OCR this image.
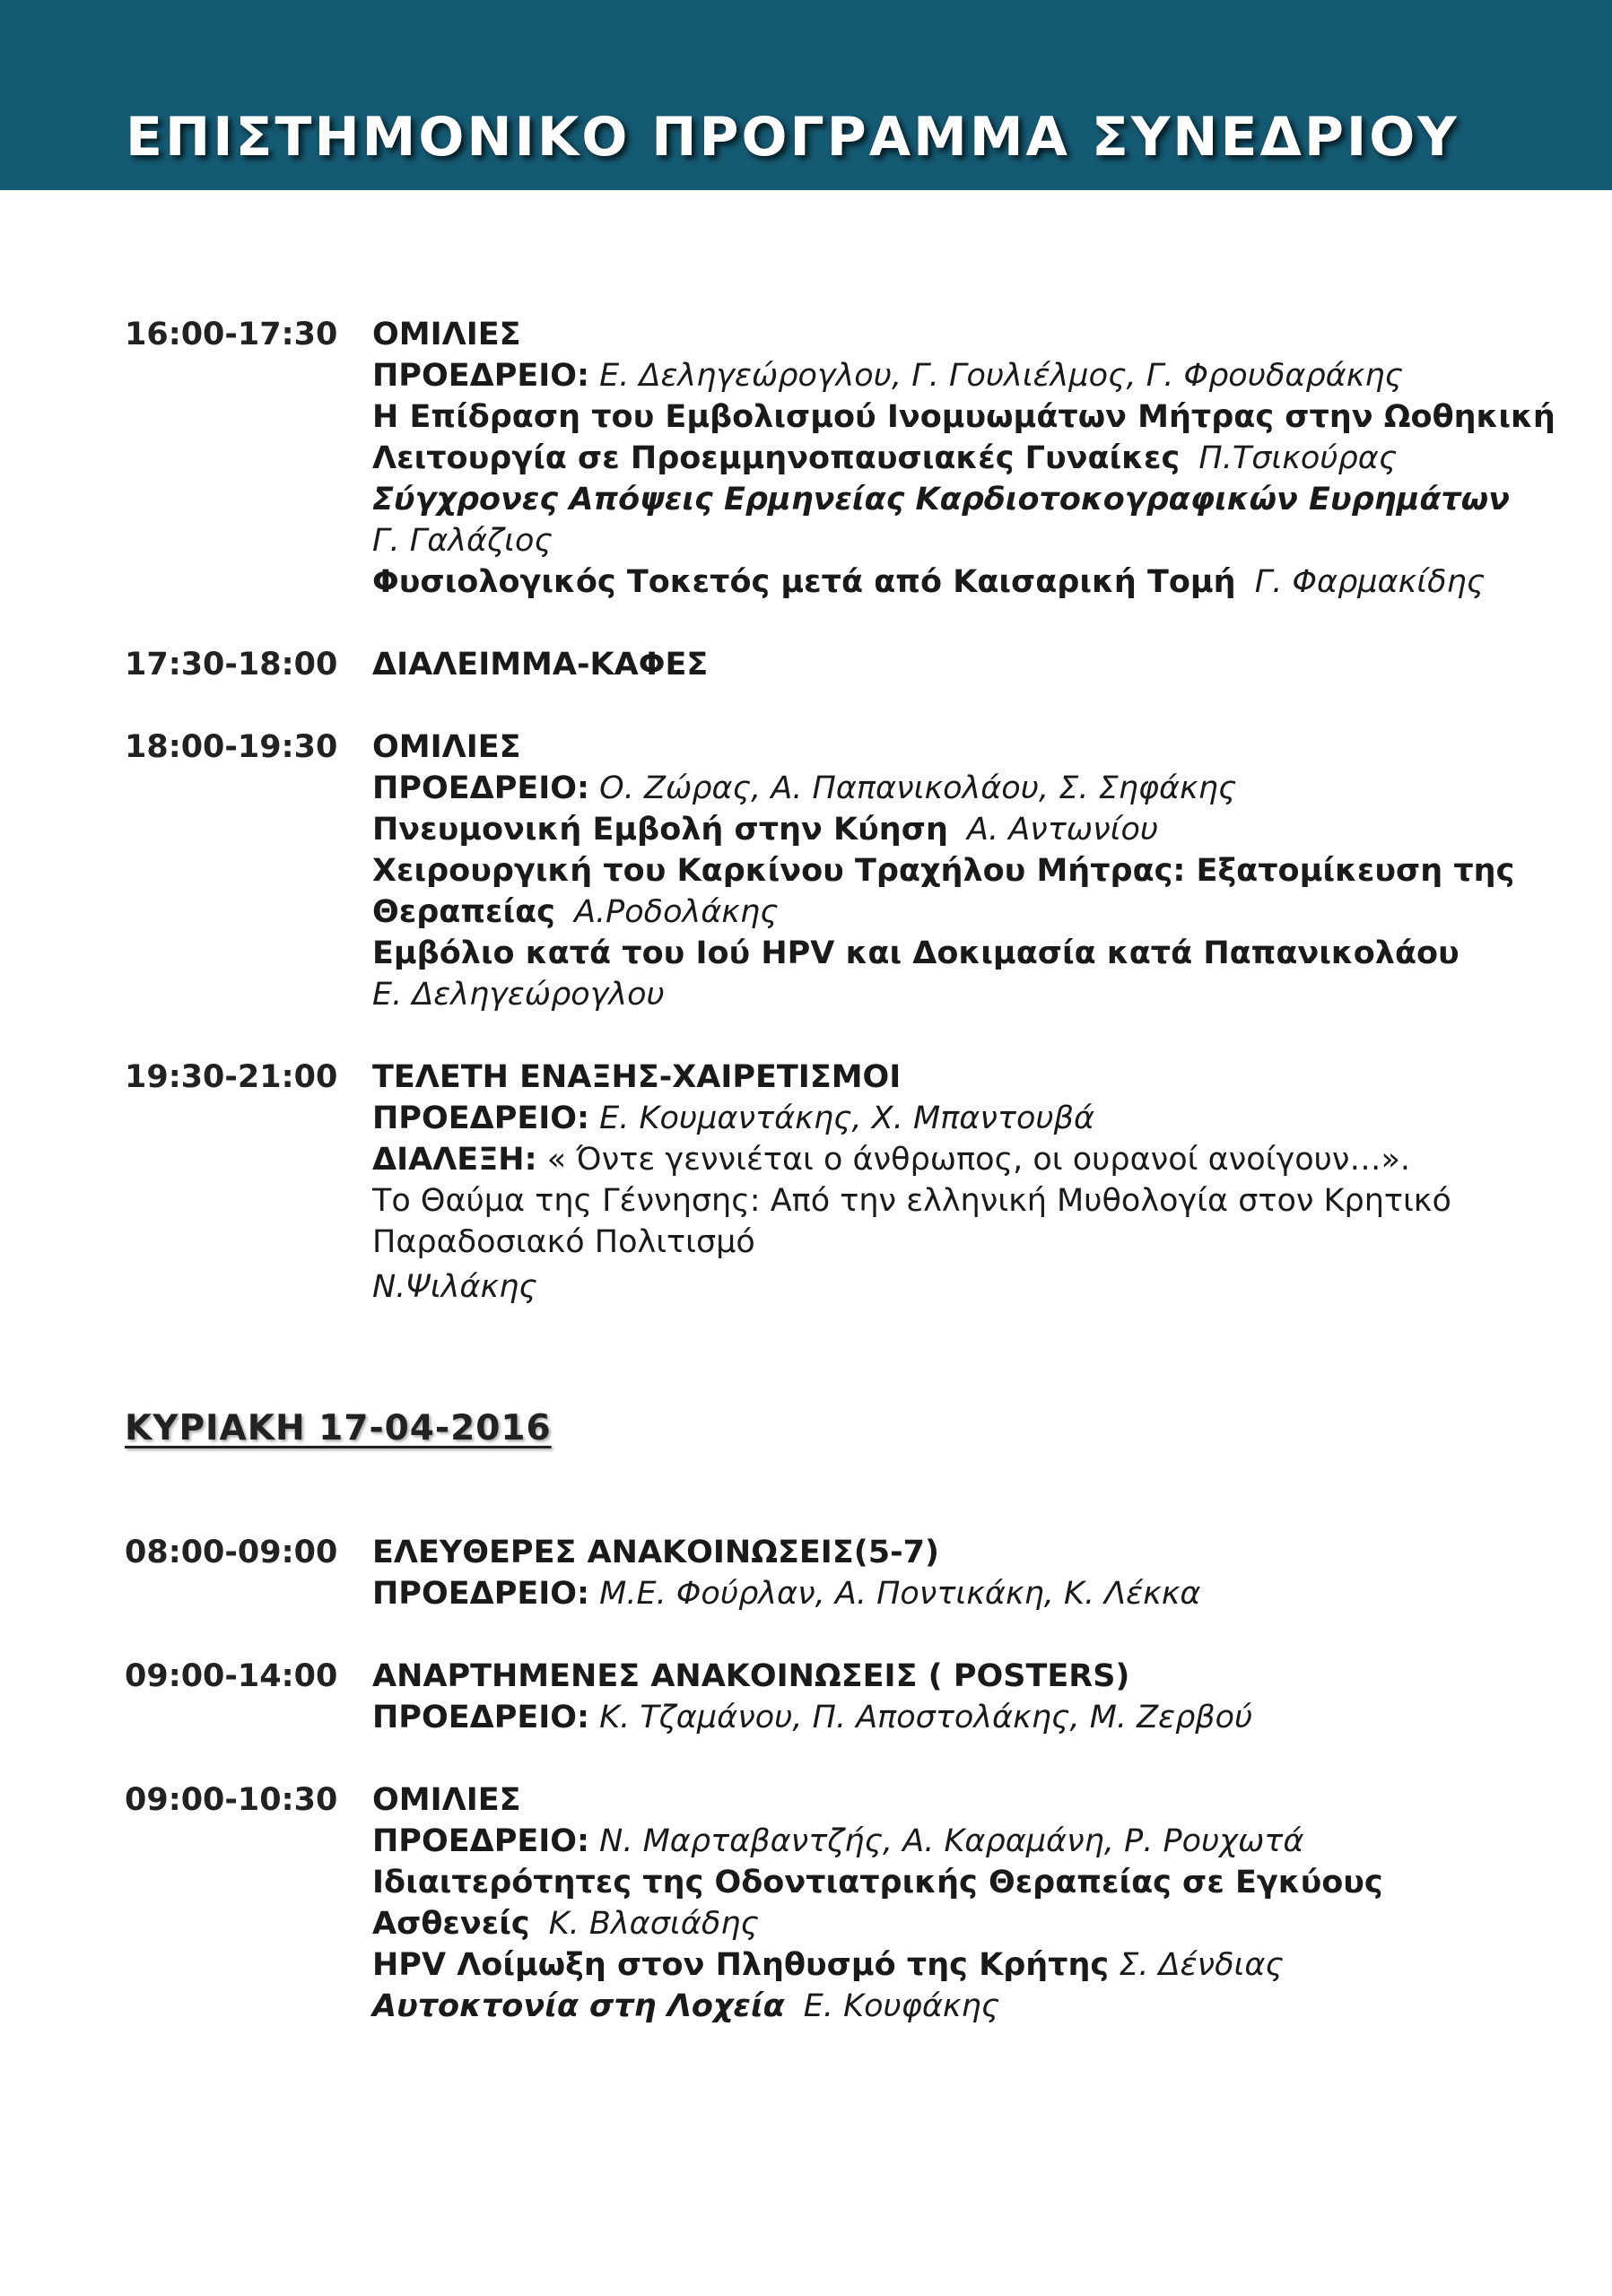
ΕΠΙΣΤΗΜΟΝΙΚΟ ΠΡΟΓΡΑΜΜΑ ΣΥΝΕΔΡΙΟΥ
16:00-17:30	ΟΜΙΛΙΕΣ
ΠΡΟΕΔΡΕΙΟ: Ε. Δεληγεώρογλου, Γ. Γουλιέλμος, Γ. Φρουδαράκης
Η Επίδραση του Εμβολισμού Ινομυωμάτων Μήτρας στην Ωοθηκική
Λειτουργία σε Προεμμηνοπαυσιακές Γυναίκες Π.Τσικούρας
Σύγχρονες Απόψεις Ερμηνείας Καρδιοτοκογραφικών Ευρημάτων
Γ. Γαλάζιος
Φυσιολογικός Τοκετός μετά από Καισαρική Τομή Γ. Φαρμακίδης
17:30-18:00	ΔΙΑΛΕΙΜΜΑ-ΚΑΦΕΣ
18:00-19:30	ΟΜΙΛΙΕΣ
ΠΡΟΕΔΡΕΙΟ: Ο. Ζώρας, Α. Παπανικολάου, Σ. Σηφάκης
Πνευμονική Εμβολή στην Κύηση Α. Αντωνίου
Χειρουργική του Καρκίνου Τραχήλου Μήτρας: Εξατομίκευση της
Θεραπείας Α.Ροδολάκης
Εμβόλιο κατά του Ιού HPV και Δοκιμασία κατά Παπανικολάου
Ε. Δεληγεώρογλου
19:30-21:00	ΤΕΛΕΤΗ ΕΝΑΞΗΣ-ΧΑΙΡΕΤΙΣΜΟΙ
ΠΡΟΕΔΡΕΙΟ: Ε. Κουμαντάκης, Χ. Μπαντουβά
ΔΙΑΛΕΞΗ: « Όντε γεννιέται ο άνθρωπος, οι ουρανοί ανοίγουν…».
Το Θαύμα της Γέννησης: Από την ελληνική Μυθολογία στον Κρητικό
Παραδοσιακό Πολιτισμό
Ν.Ψιλάκης
ΚΥΡΙΑΚΗ 17-04-2016
08:00-09:00	ΕΛΕΥΘΕΡΕΣ ΑΝΑΚΟΙΝΩΣΕΙΣ(5-7)
ΠΡΟΕΔΡΕΙΟ: Μ.Ε. Φούρλαν, Α. Ποντικάκη, Κ. Λέκκα
09:00-14:00	ΑΝΑΡΤΗΜΕΝΕΣ ΑΝΑΚΟΙΝΩΣΕΙΣ ( POSTERS)
ΠΡΟΕΔΡΕΙΟ: Κ. Τζαμάνου, Π. Αποστολάκης, Μ. Ζερβού
09:00-10:30	ΟΜΙΛΙΕΣ
ΠΡΟΕΔΡΕΙΟ: Ν. Μαρταβαντζής, Α. Καραμάνη, Ρ. Ρουχωτά
Ιδιαιτερότητες της Οδοντιατρικής Θεραπείας σε Εγκύους
Ασθενείς Κ. Βλασιάδης
HPV Λοίμωξη στον Πληθυσμό της Κρήτης Σ. Δένδιας
Αυτοκτονία στη Λοχεία Ε. Κουφάκης
